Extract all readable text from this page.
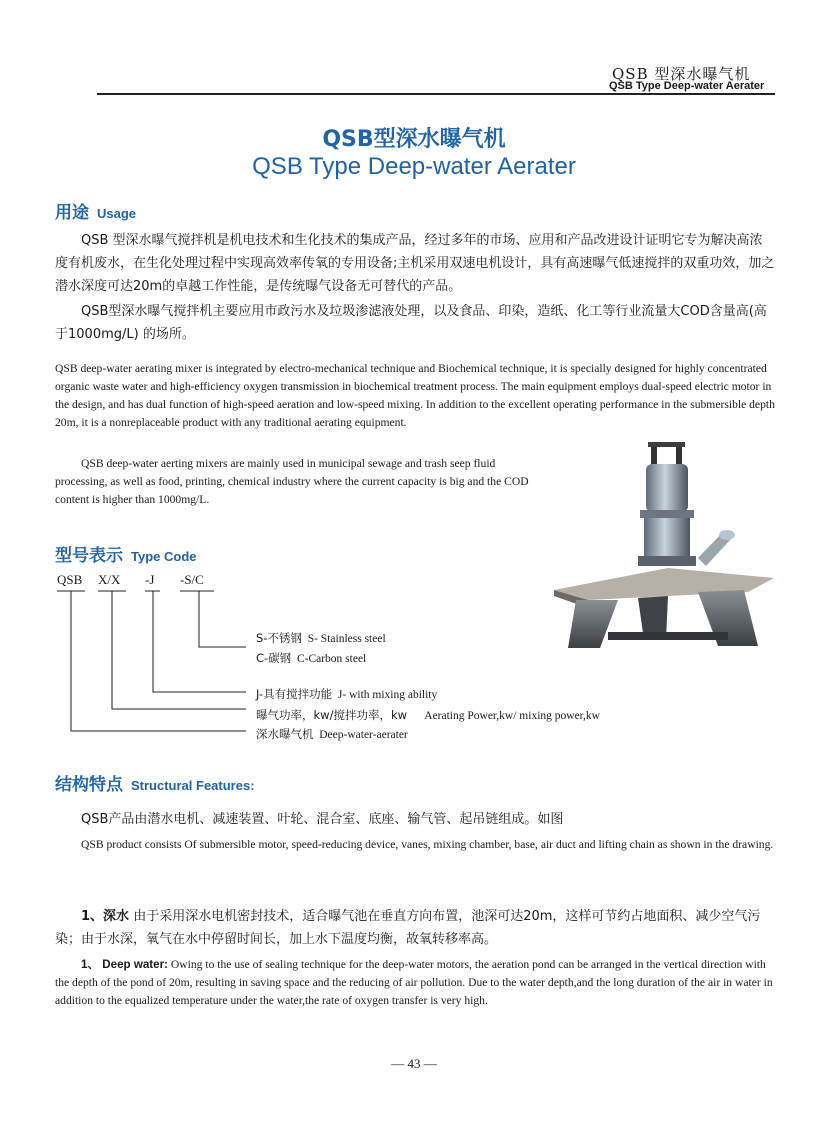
QSB 型深水曝气机
QSB Type Deep-water Aerater
QSB型深水曝气机
QSB Type Deep-water Aerater
用途 Usage

QSB 型深水曝气搅拌机是机电技术和生化技术的集成产品，经过多年的市场、应用和产品改进设计证明它专为解决高浓度有机废水，在生化处理过程中实现高效率传氧的专用设备;主机采用双速电机设计，具有高速曝气低速搅拌的双重功效，加之潜水深度可达20m的卓越工作性能，是传统曝气设备无可替代的产品。

QSB型深水曝气搅拌机主要应用市政污水及垃圾渗滤液处理，以及食品、印染，造纸、化工等行业流量大COD含量高(高于1000mg/L) 的场所。

QSB deep-water aerating mixer is integrated by electro-mechanical technique and Biochemical technique, it is specially designed for highly concentrated organic waste water and high-efficiency oxygen transmission in biochemical treatment process. The main equipment employs dual-speed electric motor in the design, and has dual function of high-speed aeration and low-speed mixing. In addition to the excellent operating performance in the submersible depth 20m, it is a nonreplaceable product with any traditional aerating equipment.
QSB deep-water aerting mixers are mainly used in municipal sewage and trash seep fluid processing, as well as food, printing, chemical industry where the current capacity is big and the COD content is higher than 1000mg/L.
型号表示 Type Code
QSB X/X -J -S/C
S-不锈钢 S- Stainless steel
C-碳钢 C-Carbon steel
J-具有搅拌功能 J- with mixing ability
曝气功率，kw/搅拌功率，kw Aerating Power,kw/ mixing power,kw
深水曝气机 Deep-water-aerater
结构特点 Structural Features:
QSB产品由潜水电机、减速装置、叶轮、混合室、底座、输气管、起吊链组成。如图
QSB product consists Of submersible motor, speed-reducing device, vanes, mixing chamber, base, air duct and lifting chain as shown in the drawing.
1、深水 由于采用深水电机密封技术，适合曝气池在垂直方向布置，池深可达20m，这样可节约占地面积、减少空气污染；由于水深，氧气在水中停留时间长，加上水下温度均衡，故氧转移率高。
1、 Deep water: Owing to the use of sealing technique for the deep-water motors, the aeration pond can be arranged in the vertical direction with the depth of the pond of 20m, resulting in saving space and the reducing of air pollution. Due to the water depth,and the long duration of the air in water in addition to the equalized temperature under the water,the rate of oxygen transfer is very high.
— 43 —
